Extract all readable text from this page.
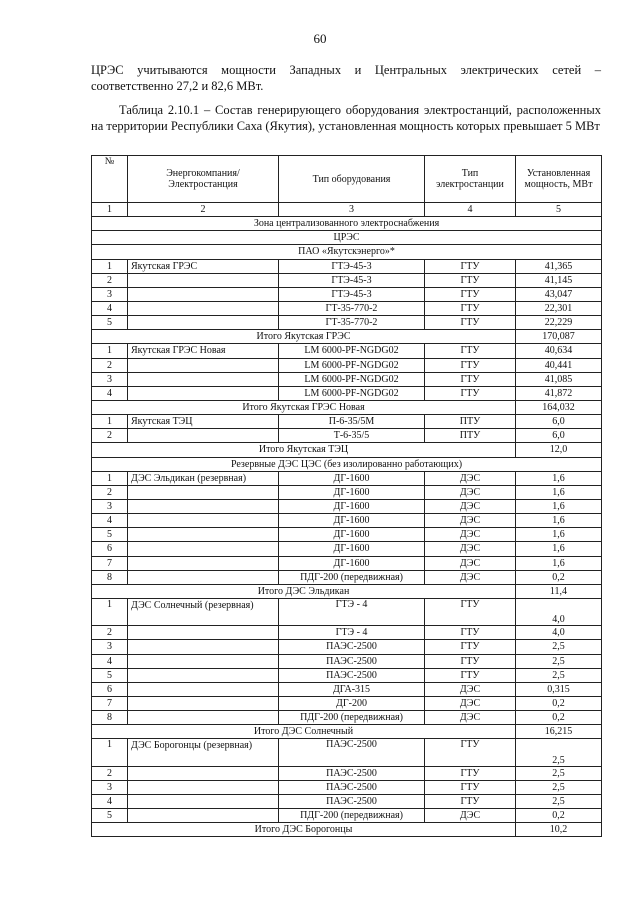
60
ЦРЭС учитываются мощности Западных и Центральных электрических сетей – соответственно 27,2 и 82,6 МВт.
Таблица 2.10.1 – Состав генерирующего оборудования электростанций, расположенных на территории Республики Саха (Якутия), установленная мощность которых превышает 5 МВт
№	Энергокомпания/ Электростанция	Тип оборудования	Тип электростанции	Установленная мощность, МВт
1	2	3	4	5
Зона централизованного электроснабжения				
ЦРЭС				
ПАО «Якутскэнерго»*				
1	Якутская ГРЭС	ГТЭ-45-3	ГТУ	41,365
2		ГТЭ-45-3	ГТУ	41,145
3		ГТЭ-45-3	ГТУ	43,047
4		ГТ-35-770-2	ГТУ	22,301
5		ГТ-35-770-2	ГТУ	22,229
Итого Якутская ГРЭС				170,087
1	Якутская ГРЭС Новая	LM 6000-PF-NGDG02	ГТУ	40,634
2		LM 6000-PF-NGDG02	ГТУ	40,441
3		LM 6000-PF-NGDG02	ГТУ	41,085
4		LM 6000-PF-NGDG02	ГТУ	41,872
Итого Якутская ГРЭС Новая				164,032
1	Якутская ТЭЦ	П-6-35/5М	ПТУ	6,0
2		Т-6-35/5	ПТУ	6,0
Итого Якутская ТЭЦ				12,0
Резервные ДЭС ЦЭС (без изолированно работающих)				
1	ДЭС Эльдикан (резервная)	ДГ-1600	ДЭС	1,6
2		ДГ-1600	ДЭС	1,6
3		ДГ-1600	ДЭС	1,6
4		ДГ-1600	ДЭС	1,6
5		ДГ-1600	ДЭС	1,6
6		ДГ-1600	ДЭС	1,6
7		ДГ-1600	ДЭС	1,6
8		ПДГ-200 (передвижная)	ДЭС	0,2
Итого ДЭС Эльдикан				11,4
1	ДЭС Солнечный (резервная)	ГТЭ - 4	ГТУ	4,0
2		ГТЭ - 4	ГТУ	4,0
3		ПАЭС-2500	ГТУ	2,5
4		ПАЭС-2500	ГТУ	2,5
5		ПАЭС-2500	ГТУ	2,5
6		ДГА-315	ДЭС	0,315
7		ДГ-200	ДЭС	0,2
8		ПДГ-200 (передвижная)	ДЭС	0,2
Итого ДЭС Солнечный				16,215
1	ДЭС Борогонцы (резервная)	ПАЭС-2500	ГТУ	2,5
2		ПАЭС-2500	ГТУ	2,5
3		ПАЭС-2500	ГТУ	2,5
4		ПАЭС-2500	ГТУ	2,5
5		ПДГ-200 (передвижная)	ДЭС	0,2
Итого ДЭС Борогонцы				10,2
